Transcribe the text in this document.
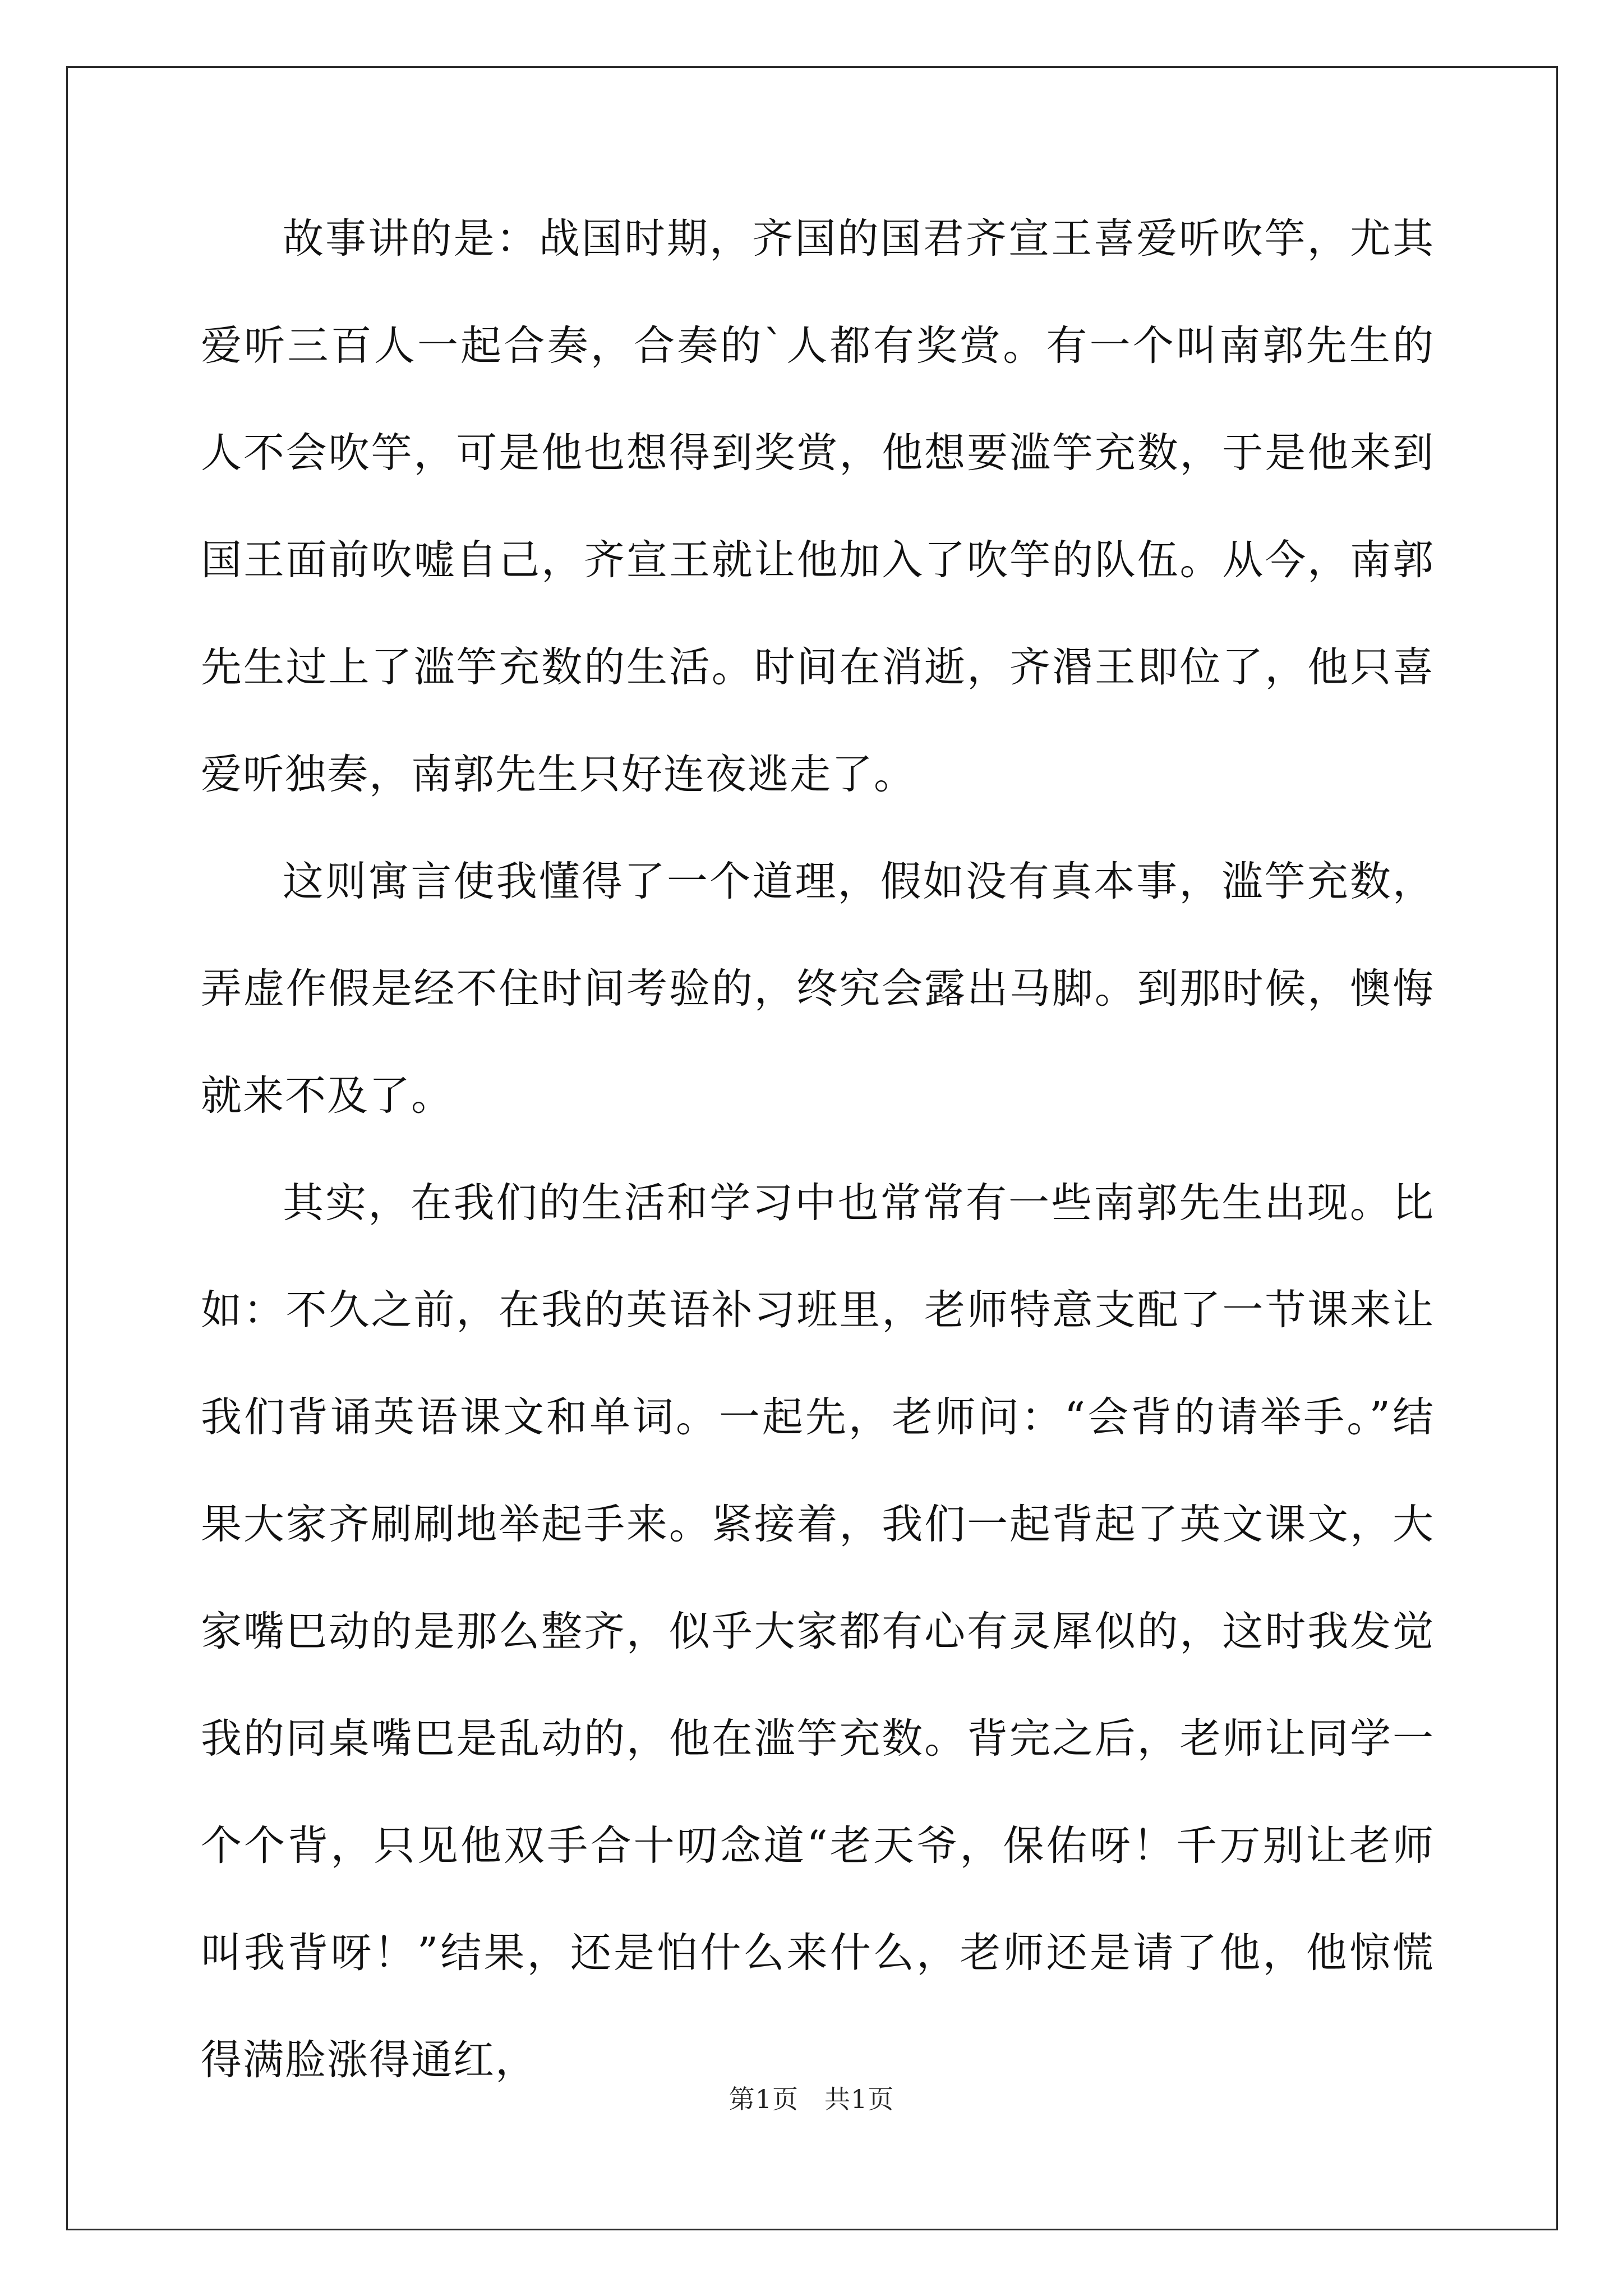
故事讲的是：战国时期，齐国的国君齐宣王喜爱听吹竽，尤其爱听三百人一起合奏，合奏的`人都有奖赏。有一个叫南郭先生的人不会吹竽，可是他也想得到奖赏，他想要滥竽充数，于是他来到国王面前吹嘘自己，齐宣王就让他加入了吹竽的队伍。从今，南郭先生过上了滥竽充数的生活。时间在消逝，齐湣王即位了，他只喜爱听独奏，南郭先生只好连夜逃走了。

这则寓言使我懂得了一个道理，假如没有真本事，滥竽充数，弄虚作假是经不住时间考验的，终究会露出马脚。到那时候，懊悔就来不及了。

其实，在我们的生活和学习中也常常有一些南郭先生出现。比如：不久之前，在我的英语补习班里，老师特意支配了一节课来让我们背诵英语课文和单词。一起先，老师问：“会背的请举手。”结果大家齐刷刷地举起手来。紧接着，我们一起背起了英文课文，大家嘴巴动的是那么整齐，似乎大家都有心有灵犀似的，这时我发觉我的同桌嘴巴是乱动的，他在滥竽充数。背完之后，老师让同学一个个背，只见他双手合十叨念道“老天爷，保佑呀！千万别让老师叫我背呀！”结果，还是怕什么来什么，老师还是请了他，他惊慌得满脸涨得通红，

第1页 共1页
